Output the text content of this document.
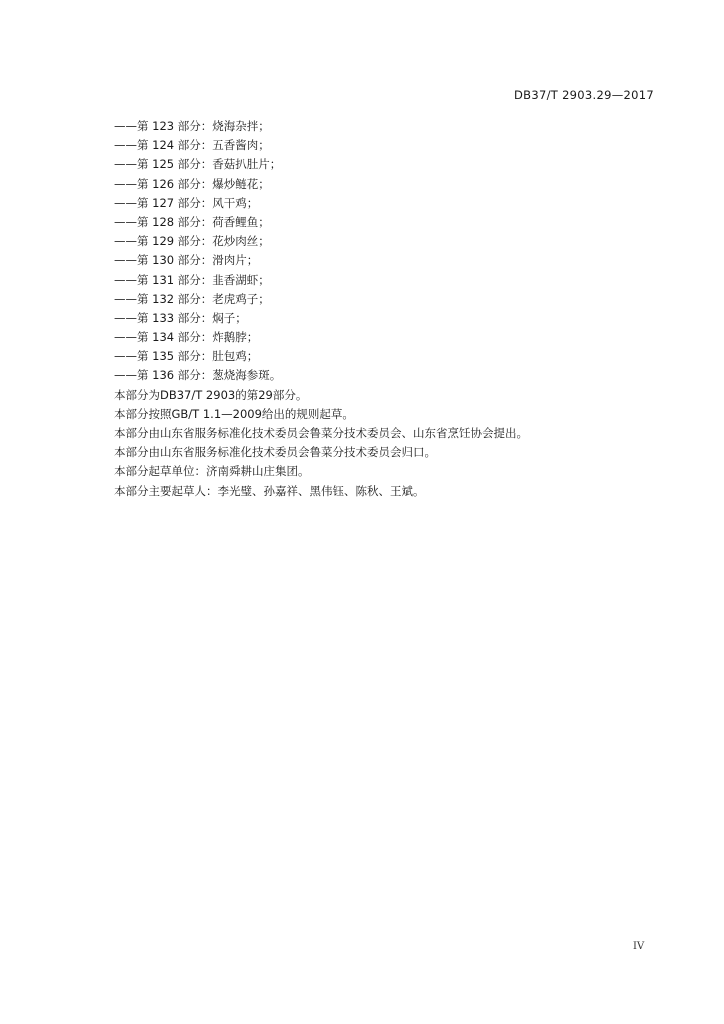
DB37/T 2903.29—2017
——第 123 部分：烧海杂拌；
——第 124 部分：五香酱肉；
——第 125 部分：香菇扒肚片；
——第 126 部分：爆炒鲢花；
——第 127 部分：风干鸡；
——第 128 部分：荷香鲤鱼；
——第 129 部分：花炒肉丝；
——第 130 部分：滑肉片；
——第 131 部分：韭香湖虾；
——第 132 部分：老虎鸡子；
——第 133 部分：焖子；
——第 134 部分：炸鹅脖；
——第 135 部分：肚包鸡；
——第 136 部分：葱烧海参斑。
本部分为DB37/T 2903的第29部分。
本部分按照GB/T 1.1—2009给出的规则起草。
本部分由山东省服务标准化技术委员会鲁菜分技术委员会、山东省烹饪协会提出。
本部分由山东省服务标准化技术委员会鲁菜分技术委员会归口。
本部分起草单位：济南舜耕山庄集团。
本部分主要起草人：李光璧、孙嘉祥、黑伟钰、陈秋、王斌。
IV
